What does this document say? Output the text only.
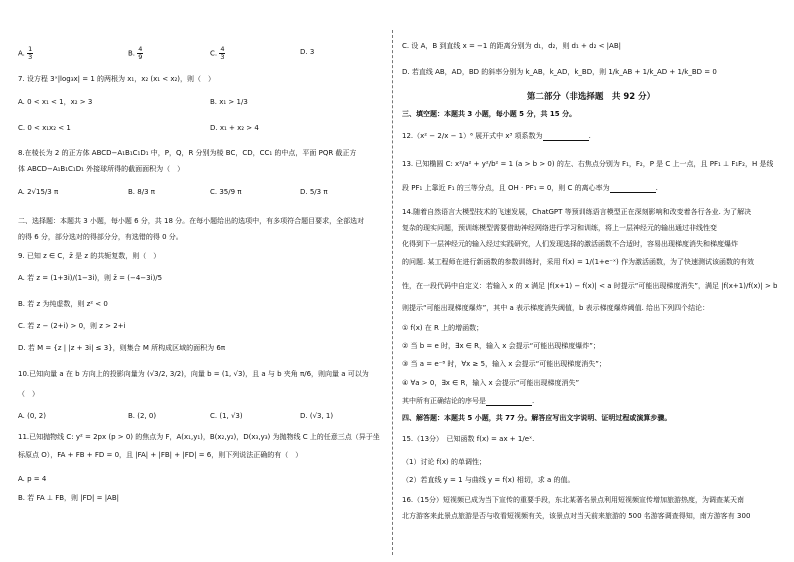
A. $\frac{1}{3}$	B. $\frac{4}{9}$	C. $\frac{4}{3}$	D. 3
7. 设方程 3ˣ|log₃x| = 1 的两根为 x₁，x₂ (x₁ < x₂)，则（　）
A. 0 < x₁ < 1，x₂ > 3	B. x₁ > 1/3
C. 0 < x₁x₂ < 1	D. x₁ + x₂ > 4
8.在棱长为 2 的正方体 ABCD−A₁B₁C₁D₁ 中，P，Q，R 分别为棱 BC，CD，CC₁ 的中点，平面 PQR 截正方
体 ABCD−A₁B₁C₁D₁ 外接球所得的截面面积为（　）
A. 2√15/3 π	B. 8/3 π	C. 35/9 π	D. 5/3 π
二、选择题：本题共 3 小题，每小题 6 分，共 18 分。在每小题给出的选项中，有多项符合题目要求，全部选对
的得 6 分，部分选对的得部分分，有选错的得 0 分。
9. 已知 z ∈ C，z̄ 是 z 的共轭复数，则（　）
A. 若 z = (1+3i)/(1−3i)，则 z̄ = (−4−3i)/5
B. 若 z 为纯虚数，则 z² < 0
C. 若 z − (2+i) > 0，则 z > 2+i
D. 若 M = {z | |z + 3i| ≤ 3}，则集合 M 所构成区域的面积为 6π
10.已知向量 a 在 b 方向上的投影向量为 (√3/2, 3/2)，向量 b = (1, √3)，且 a 与 b 夹角 π/6，则向量 a 可以为
（　）
A. (0, 2)	B. (2, 0)	C. (1, √3)	D. (√3, 1)
11.已知抛物线 C: y² = 2px (p > 0) 的焦点为 F，A(x₁,y₁)，B(x₂,y₂)，D(x₃,y₃) 为抛物线 C 上的任意三点（异于坐
标原点 O），FA + FB + FD = 0，且 |FA| + |FB| + |FD| = 6，则下列说法正确的有（　）
A. p = 4
B. 若 FA ⊥ FB，则 |FD| = |AB|
C. 设 A，B 到直线 x = −1 的距离分别为 d₁，d₂，则 d₁ + d₂ < |AB|
D. 若直线 AB，AD，BD 的斜率分别为 k_AB，k_AD，k_BD，则 1/k_AB + 1/k_AD + 1/k_BD = 0
第二部分（非选择题　共 92 分）
三、填空题：本题共 3 小题，每小题 5 分，共 15 分。
12.（x² − 2/x − 1）⁶ 展开式中 x³ 项系数为	.
13. 已知椭圆 C: x²/a² + y²/b² = 1 (a > b > 0) 的左、右焦点分别为 F₁，F₂，P 是 C 上一点，且 PF₁ ⊥ F₁F₂，H 是线
段 PF₁ 上靠近 F₁ 的三等分点，且 OH · PF₁ = 0，则 C 的离心率为	.
14.随着自然语言大模型技术的飞速发展，ChatGPT 等预训练语言模型正在深刻影响和改变着各行各业. 为了解决
复杂的现实问题，预训练模型需要借助神经网络进行学习和训练，将上一层神经元的输出通过非线性变
化得到下一层神经元的输入经过实践研究，人们发现选择的激活函数不合适时，容易出现梯度消失和梯度爆炸
的问题. 某工程师在进行新函数的参数训练时，采用 f(x) = 1/(1+e⁻ˣ) 作为激活函数，为了快速测试该函数的有效
性，在一段代码中自定义：若输入 x 的 x 满足 |f(x+1) − f(x)| < a 时提示“可能出现梯度消失”，满足 |f(x+1)/f(x)| > b
则提示“可能出现梯度爆炸”，其中 a 表示梯度消失阈值，b 表示梯度爆炸阈值. 给出下列四个结论：
① f(x) 在 R 上的增函数；
② 当 b = e 时，∃x ∈ R，输入 x 会提示“可能出现梯度爆炸”；
③ 当 a = e⁻⁸ 时，∀x ≥ 5，输入 x 会提示“可能出现梯度消失”；
④ ∀a > 0，∃x ∈ R，输入 x 会提示“可能出现梯度消失”
其中所有正确结论的序号是	.
四、解答题：本题共 5 小题，共 77 分。解答应写出文字说明、证明过程或演算步骤。
15.（13分）　已知函数 f(x) = ax + 1/eˣ.
（1）讨论 f(x) 的单调性；
（2）若直线 y = 1 与曲线 y = f(x) 相切，求 a 的值。
16.（15分）短视频已成为当下宣传的重要手段，东北某著名景点利用短视频宣传增加旅游热度，为调查某天南
北方游客来此景点旅游是否与收看短视频有关，该景点对当天前来旅游的 500 名游客调查得知，南方游客有 300
